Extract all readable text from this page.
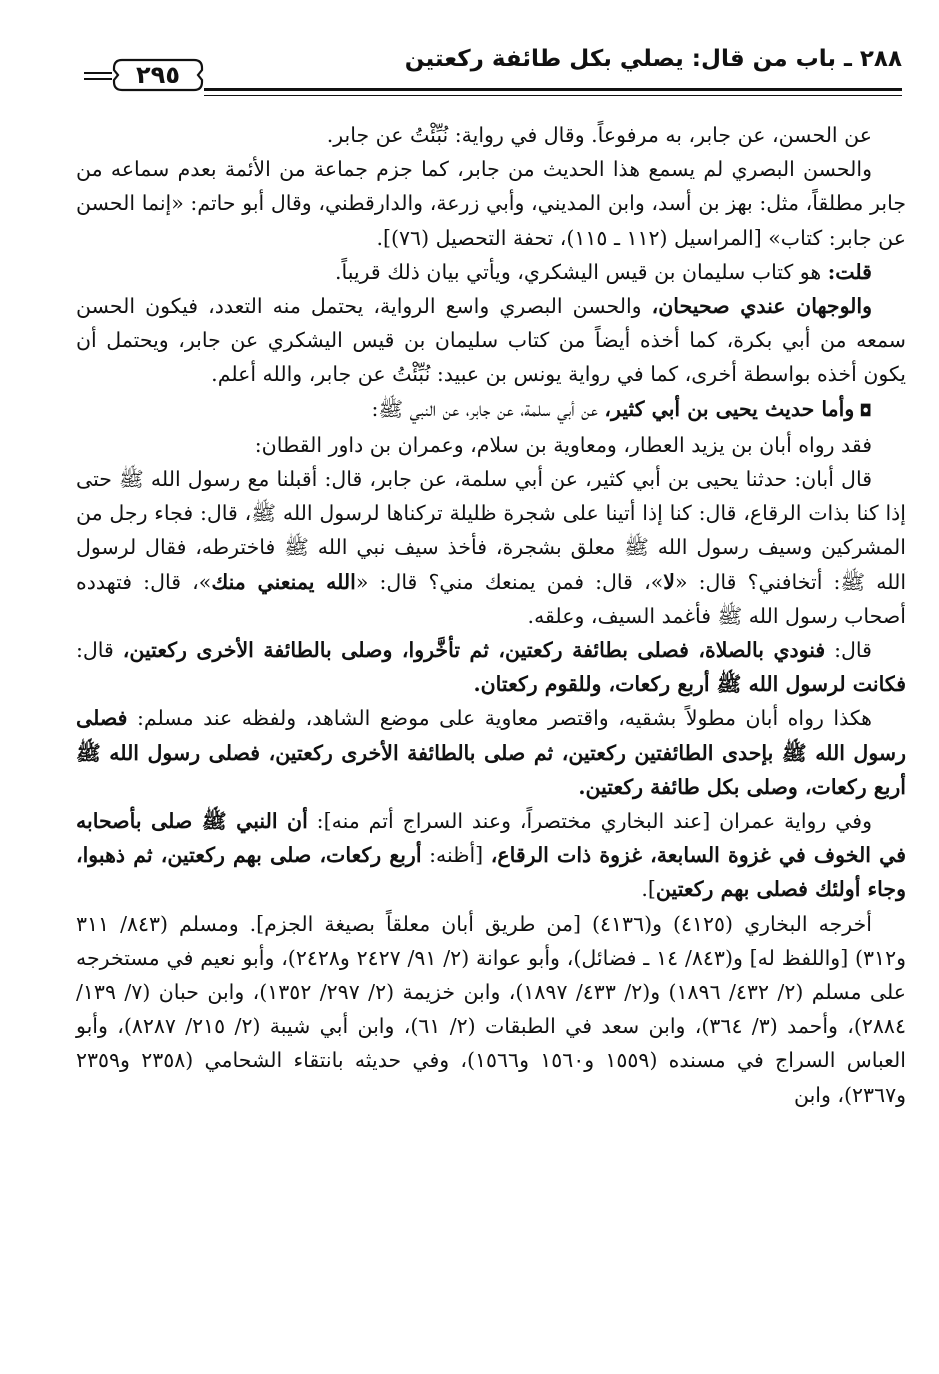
٢٨٨ ـ باب من قال: يصلي بكل طائفة ركعتين
٢٩٥

عن الحسن، عن جابر، به مرفوعاً. وقال في رواية: نُبِّئْتُ عن جابر.

والحسن البصري لم يسمع هذا الحديث من جابر، كما جزم جماعة من الأئمة بعدم سماعه من جابر مطلقاً، مثل: بهز بن أسد، وابن المديني، وأبي زرعة، والدارقطني، وقال أبو حاتم: «إنما الحسن عن جابر: كتاب» [المراسيل (١١٢ ـ ١١٥)، تحفة التحصيل (٧٦)].

قلت: هو كتاب سليمان بن قيس اليشكري، ويأتي بيان ذلك قريباً.

والوجهان عندي صحيحان، والحسن البصري واسع الرواية، يحتمل منه التعدد، فيكون الحسن سمعه من أبي بكرة، كما أخذه أيضاً من كتاب سليمان بن قيس اليشكري عن جابر، ويحتمل أن يكون أخذه بواسطة أخرى، كما في رواية يونس بن عبيد: نُبِّئْتُ عن جابر، والله أعلم.

◘ وأما حديث يحيى بن أبي كثير، عن أبي سلمة، عن جابر، عن النبي ﷺ:

فقد رواه أبان بن يزيد العطار، ومعاوية بن سلام، وعمران بن داور القطان:

قال أبان: حدثنا يحيى بن أبي كثير، عن أبي سلمة، عن جابر، قال: أقبلنا مع رسول الله ﷺ حتى إذا كنا بذات الرقاع، قال: كنا إذا أتينا على شجرة ظليلة تركناها لرسول الله ﷺ، قال: فجاء رجل من المشركين وسيف رسول الله ﷺ معلق بشجرة، فأخذ سيف نبي الله ﷺ فاخترطه، فقال لرسول الله ﷺ: أتخافني؟ قال: «لا»، قال: فمن يمنعك مني؟ قال: «الله يمنعني منك»، قال: فتهدده أصحاب رسول الله ﷺ فأغمد السيف، وعلقه.

قال: فنودي بالصلاة، فصلى بطائفة ركعتين، ثم تأخَّروا، وصلى بالطائفة الأخرى ركعتين، قال: فكانت لرسول الله ﷺ أربع ركعات، وللقوم ركعتان.

هكذا رواه أبان مطولاً بشقيه، واقتصر معاوية على موضع الشاهد، ولفظه عند مسلم: فصلى رسول الله ﷺ بإحدى الطائفتين ركعتين، ثم صلى بالطائفة الأخرى ركعتين، فصلى رسول الله ﷺ أربع ركعات، وصلى بكل طائفة ركعتين.

وفي رواية عمران [عند البخاري مختصراً، وعند السراج أتم منه]: أن النبي ﷺ صلى بأصحابه في الخوف في غزوة السابعة، غزوة ذات الرقاع، [أظنه: أربع ركعات، صلى بهم ركعتين، ثم ذهبوا، وجاء أولئك فصلى بهم ركعتين].

أخرجه البخاري (٤١٢٥) و(٤١٣٦) [من طريق أبان معلقاً بصيغة الجزم]. ومسلم (٨٤٣/ ٣١١ و٣١٢) [واللفظ له] و(٨٤٣/ ١٤ ـ فضائل)، وأبو عوانة (٢/ ٩١/ ٢٤٢٧ و٢٤٢٨)، وأبو نعيم في مستخرجه على مسلم (٢/ ٤٣٢/ ١٨٩٦) و(٢/ ٤٣٣/ ١٨٩٧)، وابن خزيمة (٢/ ٢٩٧/ ١٣٥٢)، وابن حبان (٧/ ١٣٩/ ٢٨٨٤)، وأحمد (٣/ ٣٦٤)، وابن سعد في الطبقات (٢/ ٦١)، وابن أبي شيبة (٢/ ٢١٥/ ٨٢٨٧)، وأبو العباس السراج في مسنده (١٥٥٩ و١٥٦٠ و١٥٦٦)، وفي حديثه بانتقاء الشحامي (٢٣٥٨ و٢٣٥٩ و٢٣٦٧)، وابن
